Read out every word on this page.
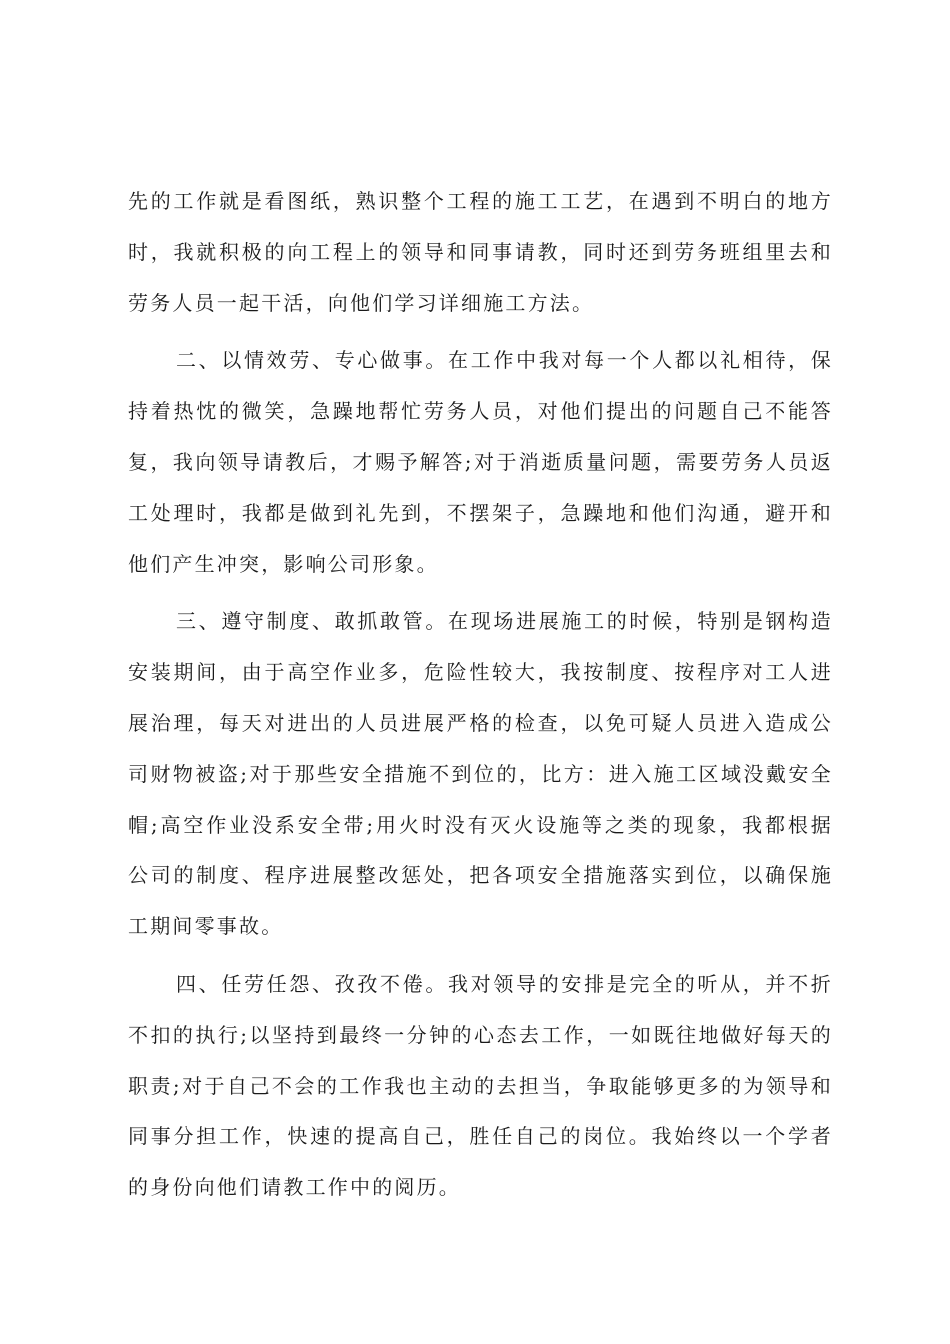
先的工作就是看图纸，熟识整个工程的施工工艺，在遇到不明白的地方时，我就积极的向工程上的领导和同事请教，同时还到劳务班组里去和劳务人员一起干活，向他们学习详细施工方法。

二、以情效劳、专心做事。在工作中我对每一个人都以礼相待，保持着热忱的微笑，急躁地帮忙劳务人员，对他们提出的问题自己不能答复，我向领导请教后，才赐予解答;对于消逝质量问题，需要劳务人员返工处理时，我都是做到礼先到，不摆架子，急躁地和他们沟通，避开和他们产生冲突，影响公司形象。

三、遵守制度、敢抓敢管。在现场进展施工的时候，特别是钢构造安装期间，由于高空作业多，危险性较大，我按制度、按程序对工人进展治理，每天对进出的人员进展严格的检查，以免可疑人员进入造成公司财物被盗;对于那些安全措施不到位的，比方：进入施工区域没戴安全帽;高空作业没系安全带;用火时没有灭火设施等之类的现象，我都根据公司的制度、程序进展整改惩处，把各项安全措施落实到位，以确保施工期间零事故。

四、任劳任怨、孜孜不倦。我对领导的安排是完全的听从，并不折不扣的执行;以坚持到最终一分钟的心态去工作，一如既往地做好每天的职责;对于自己不会的工作我也主动的去担当，争取能够更多的为领导和同事分担工作，快速的提高自己，胜任自己的岗位。我始终以一个学者的身份向他们请教工作中的阅历。
